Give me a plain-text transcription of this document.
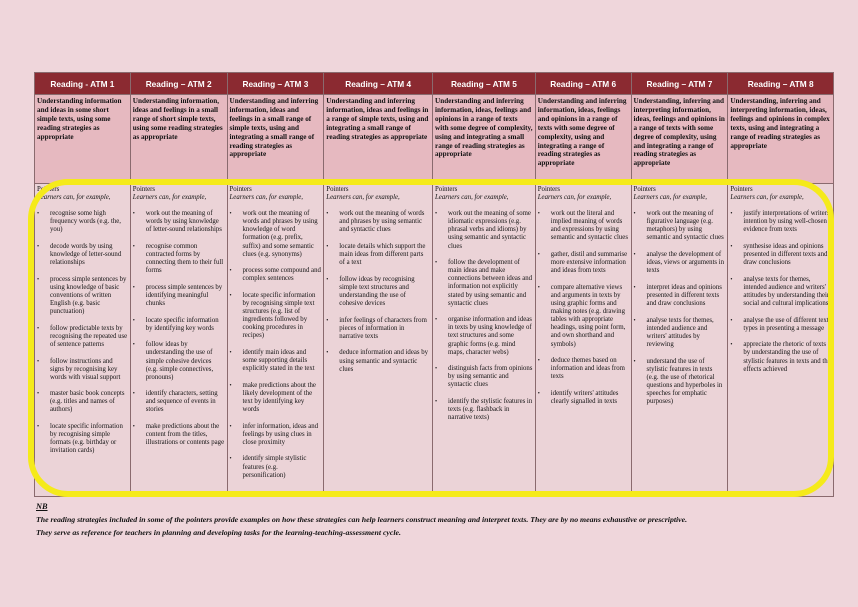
Reading - ATM 1
Understanding information and ideas in some short simple texts, using some reading strategies as appropriate
Pointers
Learners can, for example,
• recognise some high frequency words (e.g. the, you)
• decode words by using knowledge of letter-sound relationships
• process simple sentences by using knowledge of basic conventions of written English (e.g. basic punctuation)
• follow predictable texts by recognising the repeated use of sentence patterns
• follow instructions and signs by recognising key words with visual support
• master basic book concepts (e.g. titles and names of authors)
• locate specific information by recognising simple formats (e.g. birthday or invitation cards)
Reading – ATM 2
Understanding information, ideas and feelings in a small range of short simple texts, using some reading strategies as appropriate
Pointers
Learners can, for example,
• work out the meaning of words by using knowledge of letter-sound relationships
• recognise common contracted forms by connecting them to their full forms
• process simple sentences by identifying meaningful chunks
• locate specific information by identifying key words
• follow ideas by understanding the use of simple cohesive devices (e.g. simple connectives, pronouns)
• identify characters, setting and sequence of events in stories
• make predictions about the content from the titles, illustrations or contents page
Reading – ATM 3
Understanding and inferring information, ideas and feelings in a small range of simple texts, using and integrating a small range of reading strategies as appropriate
Pointers
Learners can, for example,
• work out the meaning of words and phrases by using knowledge of word formation (e.g. prefix, suffix) and some semantic clues (e.g. synonyms)
• process some compound and complex sentences
• locate specific information by recognising simple text structures (e.g. list of ingredients followed by cooking procedures in recipes)
• identify main ideas and some supporting details explicitly stated in the text
• make predictions about the likely development of the text by identifying key words
• infer information, ideas and feelings by using clues in close proximity
• identify simple stylistic features (e.g. personification)
Reading – ATM 4
Understanding and inferring information, ideas and feelings in a range of simple texts, using and integrating a small range of reading strategies as appropriate
Pointers
Learners can, for example,
• work out the meaning of words and phrases by using semantic and syntactic clues
• locate details which support the main ideas from different parts of a text
• follow ideas by recognising simple text structures and understanding the use of cohesive devices
• infer feelings of characters from pieces of information in narrative texts
• deduce information and ideas by using semantic and syntactic clues
Reading – ATM 5
Understanding and inferring information, ideas, feelings and opinions in a range of texts with some degree of complexity, using and integrating a small range of reading strategies as appropriate
Pointers
Learners can, for example,
• work out the meaning of some idiomatic expressions (e.g. phrasal verbs and idioms) by using semantic and syntactic clues
• follow the development of main ideas and make connections between ideas and information not explicitly stated by using semantic and syntactic clues
• organise information and ideas in texts by using knowledge of text structures and some graphic forms (e.g. mind maps, character webs)
• distinguish facts from opinions by using semantic and syntactic clues
• identify the stylistic features in texts (e.g. flashback in narrative texts)
Reading – ATM 6
Understanding and inferring information, ideas, feelings and opinions in a range of texts with some degree of complexity, using and integrating a range of reading strategies as appropriate
Pointers
Learners can, for example,
• work out the literal and implied meaning of words and expressions by using semantic and syntactic clues
• gather, distil and summarise more extensive information and ideas from texts
• compare alternative views and arguments in texts by using graphic forms and making notes (e.g. drawing tables with appropriate headings, using point form, and own shorthand and symbols)
• deduce themes based on information and ideas from texts
• identify writers' attitudes clearly signalled in texts
Reading – ATM 7
Understanding, inferring and interpreting information, ideas, feelings and opinions in a range of texts with some degree of complexity, using and integrating a range of reading strategies as appropriate
Pointers
Learners can, for example,
• work out the meaning of figurative language (e.g. metaphors) by using semantic and syntactic clues
• analyse the development of ideas, views or arguments in texts
• interpret ideas and opinions presented in different texts and draw conclusions
• analyse texts for themes, intended audience and writers' attitudes by reviewing
• understand the use of stylistic features in texts (e.g. the use of rhetorical questions and hyperboles in speeches for emphatic purposes)
Reading – ATM 8
Understanding, inferring and interpreting information, ideas, feelings and opinions in complex texts, using and integrating a range of reading strategies as appropriate
Pointers
Learners can, for example,
• justify interpretations of writers' intention by using well-chosen evidence from texts
• synthesise ideas and opinions presented in different texts and draw conclusions
• analyse texts for themes, intended audience and writers' attitudes by understanding their social and cultural implications
• analyse the use of different text types in presenting a message
• appreciate the rhetoric of texts by understanding the use of stylistic features in texts and the effects achieved
NB
The reading strategies included in some of the pointers provide examples on how these strategies can help learners construct meaning and interpret texts. They are by no means exhaustive or prescriptive.
They serve as reference for teachers in planning and developing tasks for the learning-teaching-assessment cycle.
